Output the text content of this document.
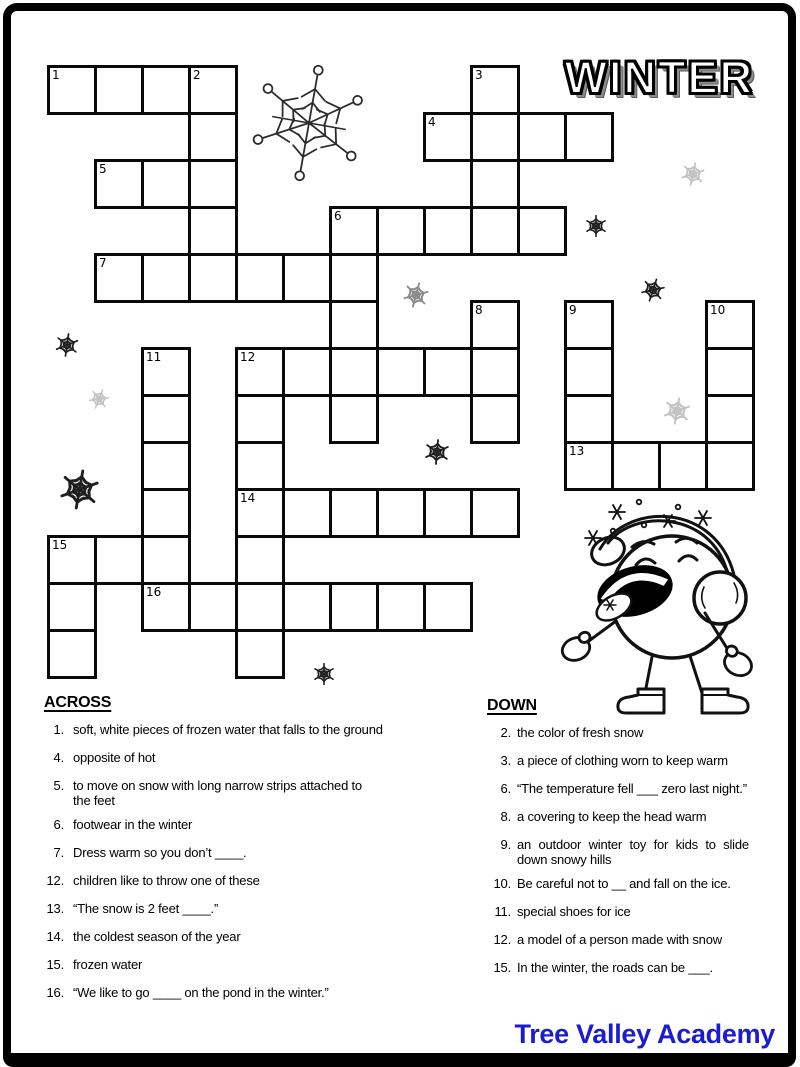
WINTER
1	2	3
4
5
6
7
8	9	10
11	12
13
14
15
16
ACROSS
1. soft, white pieces of frozen water that falls to the ground
4. opposite of hot
5. to move on snow with long narrow strips attached to
the feet
6. footwear in the winter
7. Dress warm so you don’t ____.
12. children like to throw one of these
13. “The snow is 2 feet ____.”
14. the coldest season of the year
15. frozen water
16. “We like to go ____ on the pond in the winter.”
DOWN
2. the color of fresh snow
3. a piece of clothing worn to keep warm
6. “The temperature fell ___ zero last night.”
8. a covering to keep the head warm
9. an outdoor winter toy for kids to slide
down snowy hills
10. Be careful not to __ and fall on the ice.
11. special shoes for ice
12. a model of a person made with snow
15. In the winter, the roads can be ___.
Tree Valley Academy
